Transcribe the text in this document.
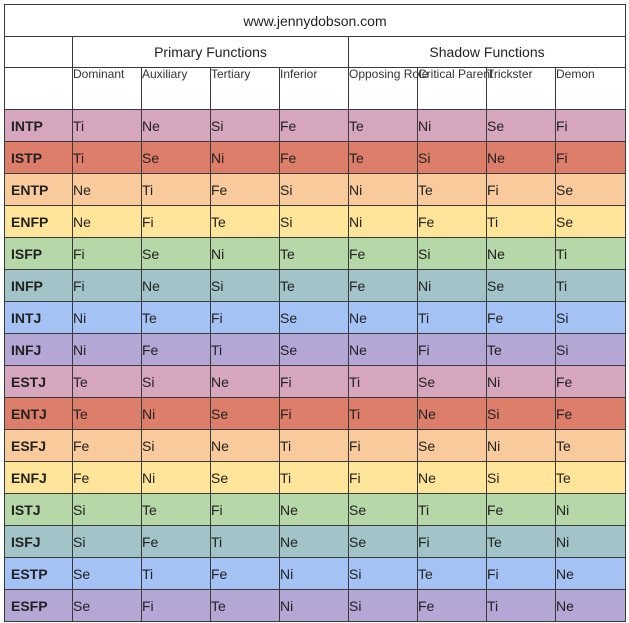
www.jennydobson.com								
	Primary Functions				Shadow Functions			
	Dominant	Auxiliary	Tertiary	Inferior	Opposing Role	Critical Parent	Trickster	Demon
INTP	Ti	Ne	Si	Fe	Te	Ni	Se	Fi
ISTP	Ti	Se	Ni	Fe	Te	Si	Ne	Fi
ENTP	Ne	Ti	Fe	Si	Ni	Te	Fi	Se
ENFP	Ne	Fi	Te	Si	Ni	Fe	Ti	Se
ISFP	Fi	Se	Ni	Te	Fe	Si	Ne	Ti
INFP	Fi	Ne	Si	Te	Fe	Ni	Se	Ti
INTJ	Ni	Te	Fi	Se	Ne	Ti	Fe	Si
INFJ	Ni	Fe	Ti	Se	Ne	Fi	Te	Si
ESTJ	Te	Si	Ne	Fi	Ti	Se	Ni	Fe
ENTJ	Te	Ni	Se	Fi	Ti	Ne	Si	Fe
ESFJ	Fe	Si	Ne	Ti	Fi	Se	Ni	Te
ENFJ	Fe	Ni	Se	Ti	Fi	Ne	Si	Te
ISTJ	Si	Te	Fi	Ne	Se	Ti	Fe	Ni
ISFJ	Si	Fe	Ti	Ne	Se	Fi	Te	Ni
ESTP	Se	Ti	Fe	Ni	Si	Te	Fi	Ne
ESFP	Se	Fi	Te	Ni	Si	Fe	Ti	Ne
